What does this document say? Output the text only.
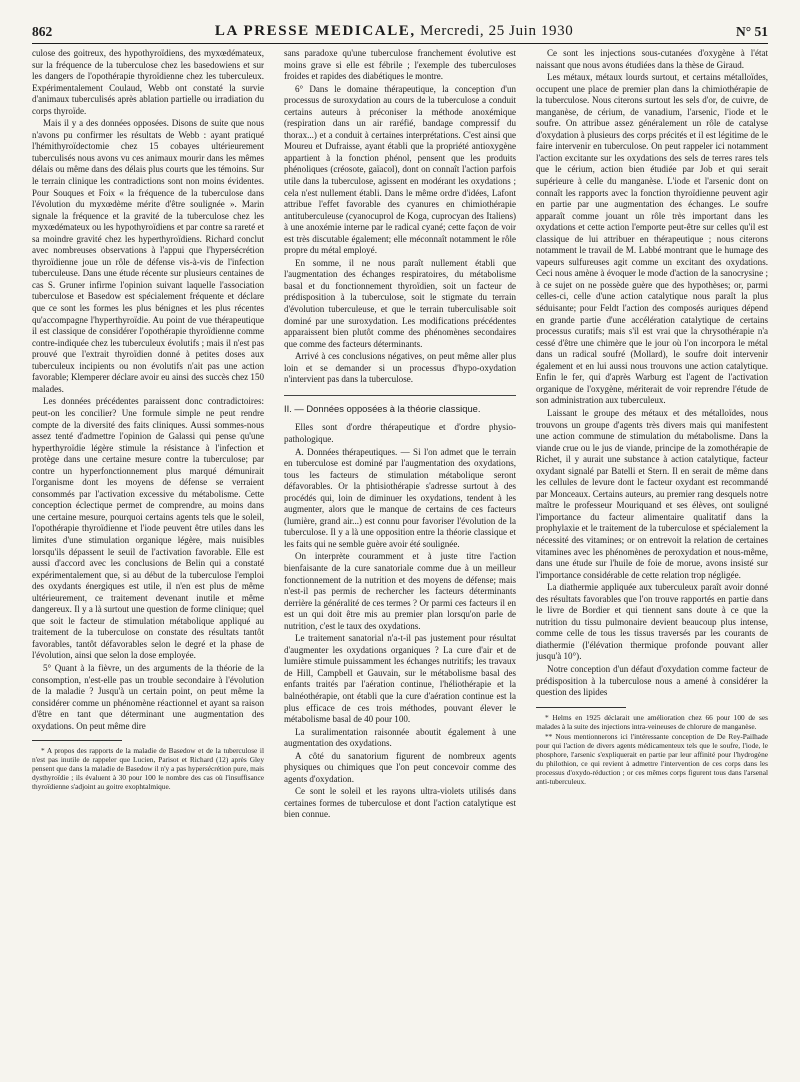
862	LA PRESSE MEDICALE, Mercredi, 25 Juin 1930	N° 51

culose des goitreux, des hypothyroïdiens, des myxœdémateux, sur la fréquence de la tuberculose chez les basedowiens et sur les dangers de l'opothérapie thyroïdienne chez les tuberculeux. Expérimentalement Coulaud, Webb ont constaté la survie d'animaux tuberculisés après ablation partielle ou irradiation du corps thyroïde.

Mais il y a des données opposées. Disons de suite que nous n'avons pu confirmer les résultats de Webb : ayant pratiqué l'hémithyroïdectomie chez 15 cobayes ultérieurement tuberculisés nous avons vu ces animaux mourir dans les mêmes délais ou même dans des délais plus courts que les témoins. Sur le terrain clinique les contradictions sont non moins évidentes. Pour Souques et Foix « la fréquence de la tuberculose dans l'évolution du myxœdème mérite d'être soulignée ». Marin signale la fréquence et la gravité de la tuberculose chez les myxœdémateux ou les hypothyroïdiens et par contre sa rareté et sa moindre gravité chez les hyperthyroïdiens. Richard conclut avec nombreuses observations à l'appui que l'hypersécrétion thyroïdienne joue un rôle de défense vis-à-vis de l'infection tuberculeuse. Dans une étude récente sur plusieurs centaines de cas S. Gruner infirme l'opinion suivant laquelle l'association tuberculose et Basedow est spécialement fréquente et déclare que ce sont les formes les plus bénignes et les plus récentes qu'accompagne l'hyperthyroïdie. Au point de vue thérapeutique il est classique de considérer l'opothérapie thyroïdienne comme contre-indiquée chez les tuberculeux évolutifs ; mais il n'est pas prouvé que l'extrait thyroïdien donné à petites doses aux tuberculeux incipients ou non évolutifs n'ait pas une action favorable; Klemperer déclare avoir eu ainsi des succès chez 150 malades.

Les données précédentes paraissent donc contradictoires: peut-on les concilier? Une formule simple ne peut rendre compte de la diversité des faits cliniques. Aussi sommes-nous assez tenté d'admettre l'opinion de Galassi qui pense qu'une hyperthyroïdie légère stimule la résistance à l'infection et protège dans une certaine mesure contre la tuberculose; par contre un hyperfonctionnement plus marqué démunirait l'organisme dont les moyens de défense se verraient consommés par l'activation excessive du métabolisme. Cette conception éclectique permet de comprendre, au moins dans une certaine mesure, pourquoi certains agents tels que le soleil, l'opothérapie thyroïdienne et l'iode peuvent être utiles dans les limites d'une stimulation organique légère, mais nuisibles lorsqu'ils dépassent le seuil de l'activation favorable. Elle est aussi d'accord avec les conclusions de Belin qui a constaté expérimentalement que, si au début de la tuberculose l'emploi des oxydants énergiques est utile, il n'en est plus de même ultérieurement, ce traitement devenant inutile et même dangereux. Il y a là surtout une question de forme clinique; quel que soit le facteur de stimulation métabolique appliqué au traitement de la tuberculose on constate des résultats tantôt favorables, tantôt défavorables selon le degré et la phase de l'évolution, ainsi que selon la dose employée.

5° Quant à la fièvre, un des arguments de la théorie de la consomption, n'est-elle pas un trouble secondaire à l'évolution de la maladie ? Jusqu'à un certain point, on peut même la considérer comme un phénomène réactionnel et ayant sa raison d'être en tant que déterminant une augmentation des oxydations. On peut même dire

* A propos des rapports de la maladie de Basedow et de la tuberculose il n'est pas inutile de rappeler que Lucien, Parisot et Richard (12) après Gley pensent que dans la maladie de Basedow il n'y a pas hypersécrétion pure, mais dysthyroïdie ; ils évaluent à 30 pour 100 le nombre des cas où l'insuffisance thyroïdienne s'adjoint au goitre exophtalmique.

sans paradoxe qu'une tuberculose franchement évolutive est moins grave si elle est fébrile ; l'exemple des tuberculoses froides et rapides des diabétiques le montre.

6° Dans le domaine thérapeutique, la conception d'un processus de suroxydation au cours de la tuberculose a conduit certains auteurs à préconiser la méthode anoxémique (respiration dans un air raréfié, bandage compressif du thorax...) et a conduit à certaines interprétations. C'est ainsi que Moureu et Dufraisse, ayant établi que la propriété antioxygène appartient à la fonction phénol, pensent que les produits phénoliques (créosote, gaïacol), dont on connaît l'action parfois utile dans la tuberculose, agissent en modérant les oxydations ; cela n'est nullement établi. Dans le même ordre d'idées, Lafont attribue l'effet favorable des cyanures en chimiothérapie antituberculeuse (cyanocuprol de Koga, cuprocyan des Italiens) à une anoxémie interne par le radical cyané; cette façon de voir est très discutable également; elle méconnaît notamment le rôle propre du métal employé.

En somme, il ne nous paraît nullement établi que l'augmentation des échanges respiratoires, du métabolisme basal et du fonctionnement thyroïdien, soit un facteur de prédisposition à la tuberculose, soit le stigmate du terrain d'évolution tuberculeuse, et que le terrain tuberculisable soit dominé par une suroxydation. Les modifications précédentes apparaissent bien plutôt comme des phénomènes secondaires que comme des facteurs déterminants.

Arrivé à ces conclusions négatives, on peut même aller plus loin et se demander si un processus d'hypo-oxydation n'intervient pas dans la tuberculose.

II. — Données opposées à la théorie classique.

Elles sont d'ordre thérapeutique et d'ordre physio-pathologique.

A. Données thérapeutiques. — Si l'on admet que le terrain en tuberculose est dominé par l'augmentation des oxydations, tous les facteurs de stimulation métabolique seront défavorables. Or la phtisiothérapie s'adresse surtout à des procédés qui, loin de diminuer les oxydations, tendent à les augmenter, alors que le manque de certains de ces facteurs (lumière, grand air...) est connu pour favoriser l'évolution de la tuberculose. Il y a là une opposition entre la théorie classique et les faits qui ne semble guère avoir été soulignée.

On interprète couramment et à juste titre l'action bienfaisante de la cure sanatoriale comme due à un meilleur fonctionnement de la nutrition et des moyens de défense; mais n'est-il pas permis de rechercher les facteurs déterminants derrière la généralité de ces termes ? Or parmi ces facteurs il en est un qui doit être mis au premier plan lorsqu'on parle de nutrition, c'est le taux des oxydations.

Le traitement sanatorial n'a-t-il pas justement pour résultat d'augmenter les oxydations organiques ? La cure d'air et de lumière stimule puissamment les échanges nutritifs; les travaux de Hill, Campbell et Gauvain, sur le métabolisme basal des enfants traités par l'aération continue, l'héliothérapie et la balnéothérapie, ont établi que la cure d'aération continue est la plus efficace de ces trois méthodes, pouvant élever le métabolisme basal de 40 pour 100.

La suralimentation raisonnée aboutit également à une augmentation des oxydations.

A côté du sanatorium figurent de nombreux agents physiques ou chimiques que l'on peut concevoir comme des agents d'oxydation.

Ce sont le soleil et les rayons ultra-violets utilisés dans certaines formes de tuberculose et dont l'action catalytique est bien connue.

Ce sont les injections sous-cutanées d'oxygène à l'état naissant que nous avons étudiées dans la thèse de Giraud.

Les métaux, métaux lourds surtout, et certains métalloïdes, occupent une place de premier plan dans la chimiothérapie de la tuberculose. Nous citerons surtout les sels d'or, de cuivre, de manganèse, de cérium, de vanadium, l'arsenic, l'iode et le soufre. On attribue assez généralement un rôle de catalyse d'oxydation à plusieurs des corps précités et il est légitime de le faire intervenir en tuberculose. On peut rappeler ici notamment l'action excitante sur les oxydations des sels de terres rares tels que le cérium, action bien étudiée par Job et qui serait supérieure à celle du manganèse. L'iode et l'arsenic dont on connaît les rapports avec la fonction thyroïdienne peuvent agir en partie par une augmentation des échanges. Le soufre apparaît comme jouant un rôle très important dans les oxydations et cette action l'emporte peut-être sur celles qu'il est classique de lui attribuer en thérapeutique ; nous citerons notamment le travail de M. Labbé montrant que le humage des vapeurs sulfureuses agit comme un excitant des oxydations. Ceci nous amène à évoquer le mode d'action de la sanocrysine ; à ce sujet on ne possède guère que des hypothèses; or, parmi celles-ci, celle d'une action catalytique nous paraît la plus séduisante; pour Feldt l'action des composés auriques dépend en grande partie d'une accélération catalytique de certains processus curatifs; mais s'il est vrai que la chrysothérapie n'a cessé d'être une chimère que le jour où l'on incorpora le métal dans un radical soufré (Mollard), le soufre doit intervenir également et en lui aussi nous trouvons une action catalytique. Enfin le fer, qui d'après Warburg est l'agent de l'activation organique de l'oxygène, mériterait de voir reprendre l'étude de son administration aux tuberculeux.

Laissant le groupe des métaux et des métalloïdes, nous trouvons un groupe d'agents très divers mais qui manifestent une action commune de stimulation du métabolisme. Dans la viande crue ou le jus de viande, principe de la zomothérapie de Richet, il y aurait une substance à action catalytique, facteur oxydant signalé par Batelli et Stern. Il en serait de même dans les cellules de levure dont le facteur oxydant est recommandé par Monceaux. Certains auteurs, au premier rang desquels notre maître le professeur Mouriquand et ses élèves, ont souligné l'importance du facteur alimentaire qualitatif dans la prophylaxie et le traitement de la tuberculose et spécialement la nécessité des vitamines; or on entrevoit la relation de certaines vitamines avec les phénomènes de peroxydation et nous-même, dans une étude sur l'huile de foie de morue, avons insisté sur l'importance considérable de cette relation trop négligée.

La diathermie appliquée aux tuberculeux paraît avoir donné des résultats favorables que l'on trouve rapportés en partie dans le livre de Bordier et qui tiennent sans doute à ce que la nutrition du tissu pulmonaire devient beaucoup plus intense, comme celle de tous les tissus traversés par les courants de diathermie (l'élévation thermique profonde pouvant aller jusqu'à 10°).

Notre conception d'un défaut d'oxydation comme facteur de prédisposition à la tuberculose nous a amené à considérer la question des lipides

* Helms en 1925 déclarait une amélioration chez 66 pour 100 de ses malades à la suite des injections intra-veineuses de chlorure de manganèse.

** Nous mentionnerons ici l'intéressante conception de De Rey-Pailhade pour qui l'action de divers agents médicamenteux tels que le soufre, l'iode, le phosphore, l'arsenic s'expliquerait en partie par leur affinité pour l'hydrogène du philothion, ce qui revient à admettre l'intervention de ces corps dans les processus d'oxydo-réduction ; or ces mêmes corps figurent tous dans l'arsenal anti-tuberculeux.
